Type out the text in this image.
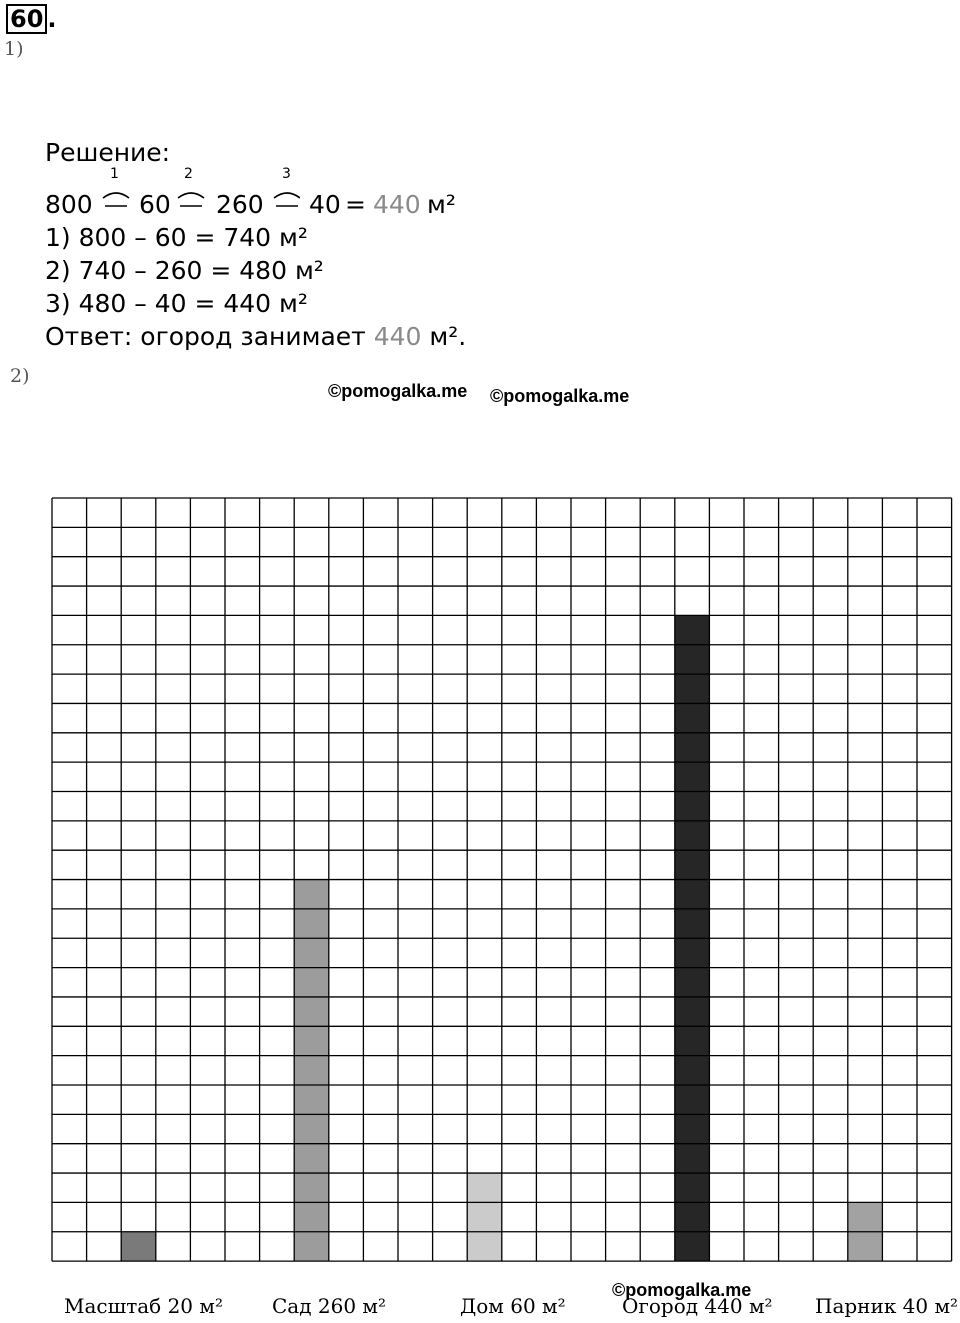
60 .
1)
Решение:
800 60 260 40 = 440 м²
1	2	3
1) 800 – 60 = 740 м²
2) 740 – 260 = 480 м²
3) 480 – 40 = 440 м²
Ответ: огород занимает 440 м².
2)
©pomogalka.me ©pomogalka.me
©pomogalka.me
Масштаб 20 м² Сад 260 м²	Дом 60 м²	Огород 440 м² Парник 40 м²
